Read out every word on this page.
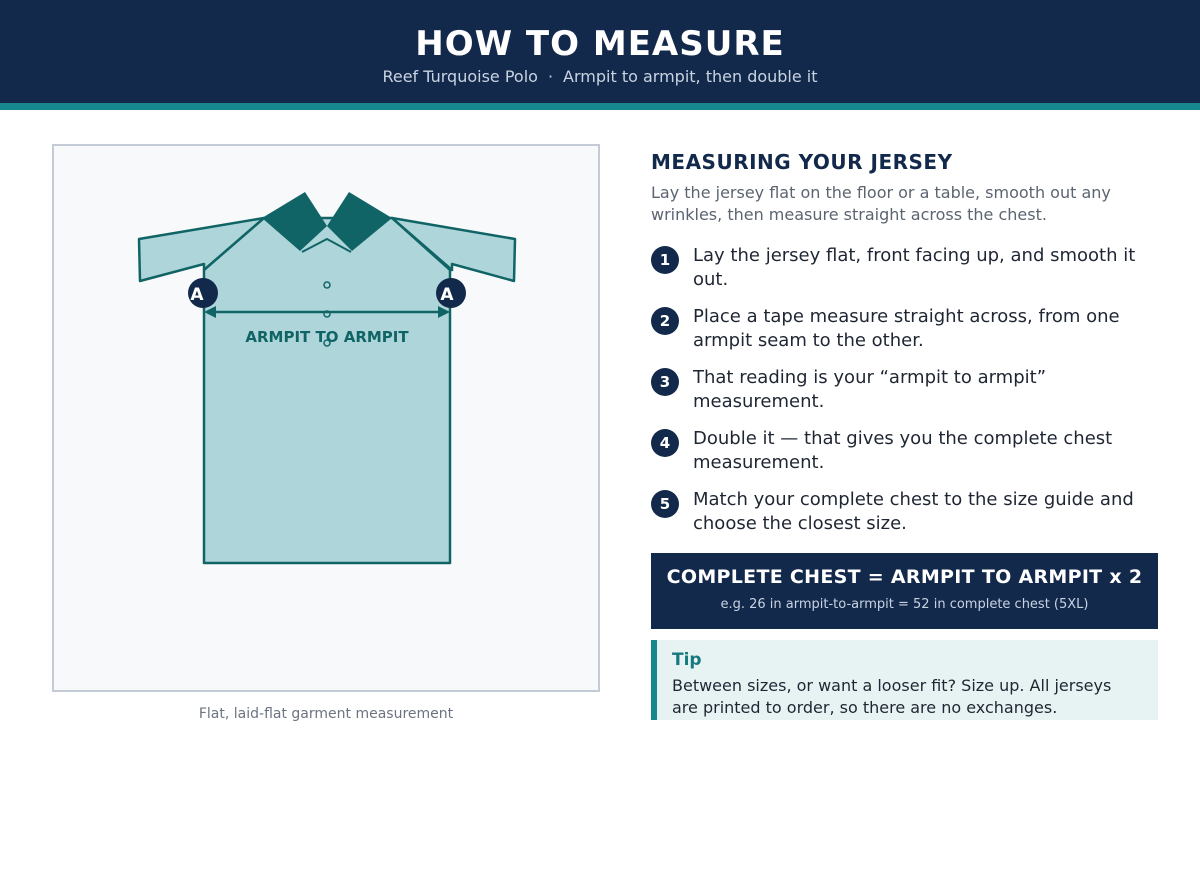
HOW TO MEASURE
Reef Turquoise Polo · Armpit to armpit, then double it
A	A
ARMPIT TO ARMPIT
Flat, laid-flat garment measurement
MEASURING YOUR JERSEY
Lay the jersey flat on the floor or a table, smooth out any wrinkles, then measure straight across the chest.
1	Lay the jersey flat, front facing up, and smooth it out.
2	Place a tape measure straight across, from one armpit seam to the other.
3	That reading is your “armpit to armpit” measurement.
4	Double it — that gives you the complete chest measurement.
5	Match your complete chest to the size guide and choose the closest size.
COMPLETE CHEST = ARMPIT TO ARMPIT x 2
e.g. 26 in armpit-to-armpit = 52 in complete chest (5XL)
Tip
Between sizes, or want a looser fit? Size up. All jerseys are printed to order, so there are no exchanges.
